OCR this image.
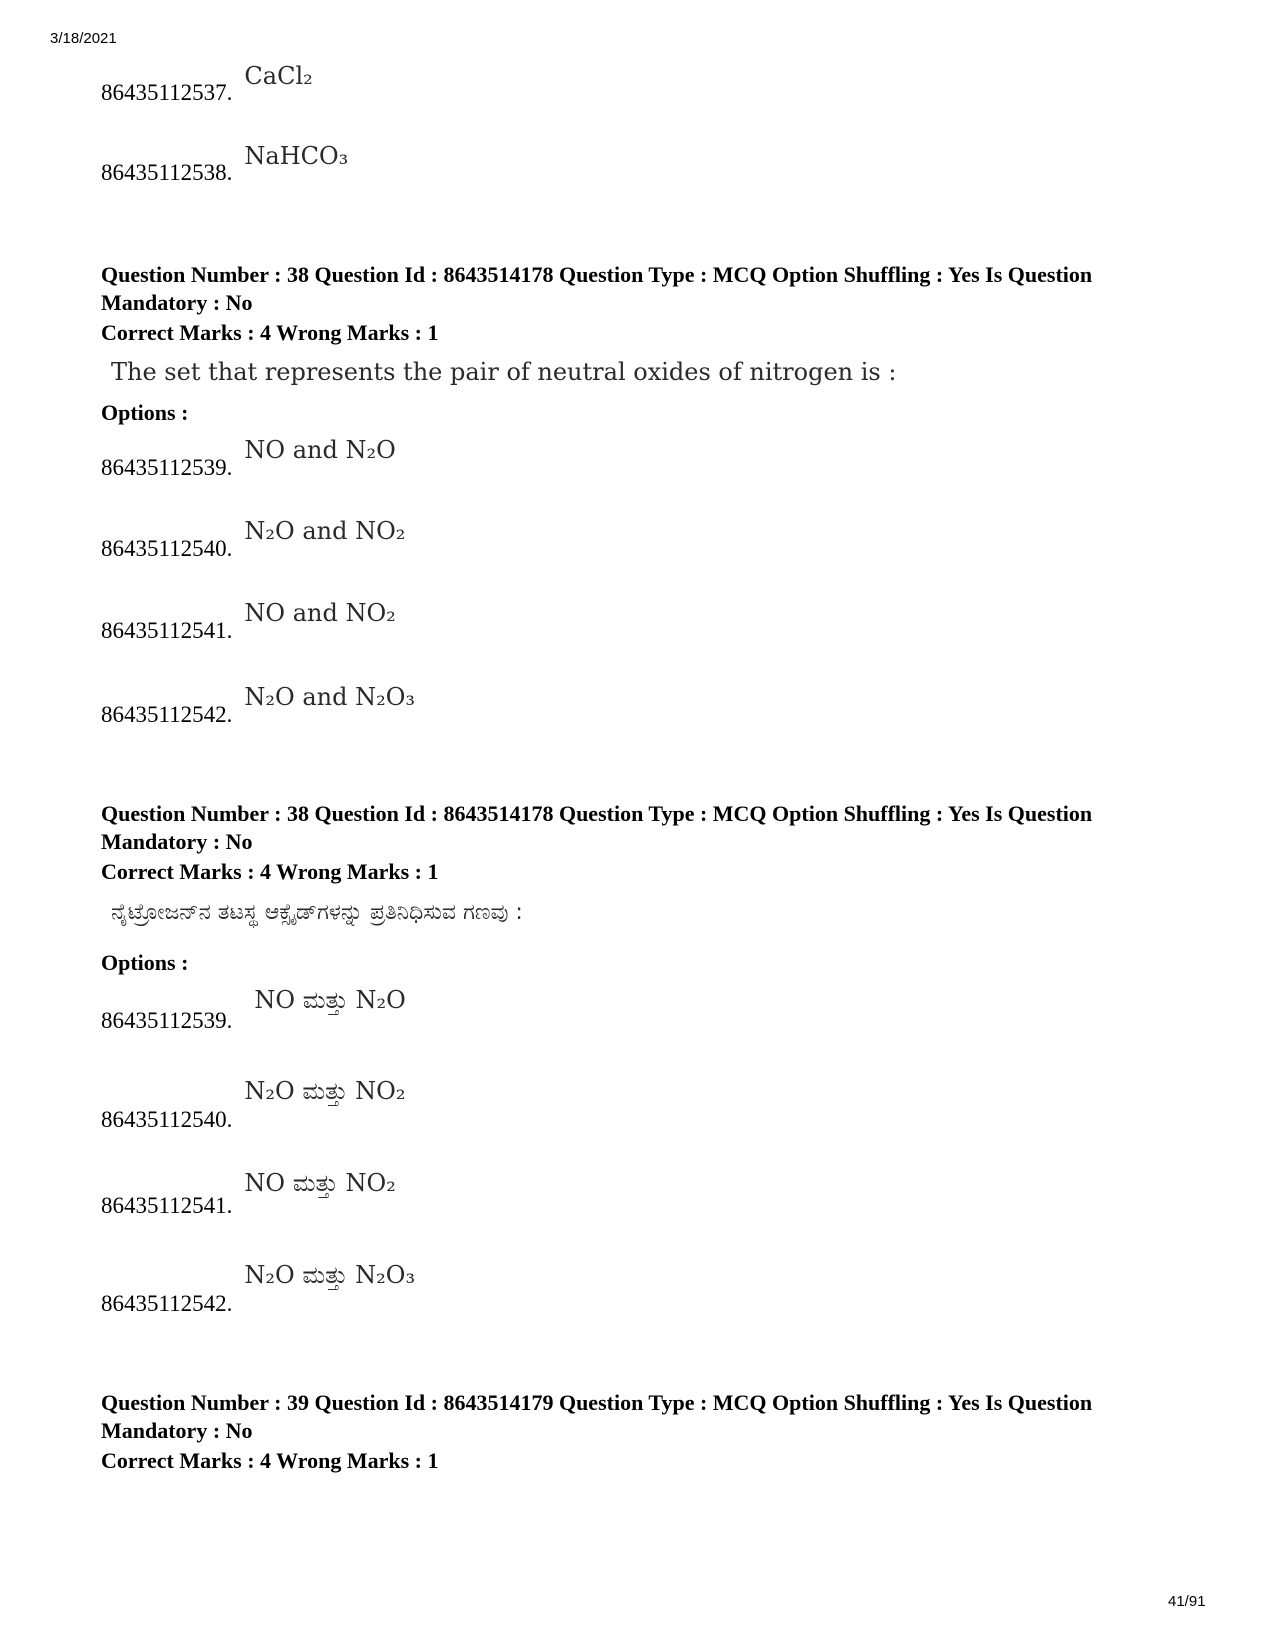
3/18/2021
86435112537.CaCl₂
86435112538.NaHCO₃
Question Number : 38 Question Id : 8643514178 Question Type : MCQ Option Shuffling : Yes Is Question Mandatory : No
Correct Marks : 4 Wrong Marks : 1
The set that represents the pair of neutral oxides of nitrogen is :
Options :
86435112539.NO and N₂O
86435112540.N₂O and NO₂
86435112541.NO and NO₂
86435112542.N₂O and N₂O₃
Question Number : 38 Question Id : 8643514178 Question Type : MCQ Option Shuffling : Yes Is Question Mandatory : No
Correct Marks : 4 Wrong Marks : 1
ನೈಟ್ರೋಜನ್‌ನ ತಟಸ್ಥ ಆಕ್ಸೈಡ್‌ಗಳನ್ನು ಪ್ರತಿನಿಧಿಸುವ ಗಣವು :
Options :
86435112539.NO ಮತ್ತು N₂O
86435112540.N₂O ಮತ್ತು NO₂
86435112541.NO ಮತ್ತು NO₂
86435112542.N₂O ಮತ್ತು N₂O₃
Question Number : 39 Question Id : 8643514179 Question Type : MCQ Option Shuffling : Yes Is Question Mandatory : No
Correct Marks : 4 Wrong Marks : 1
41/91
